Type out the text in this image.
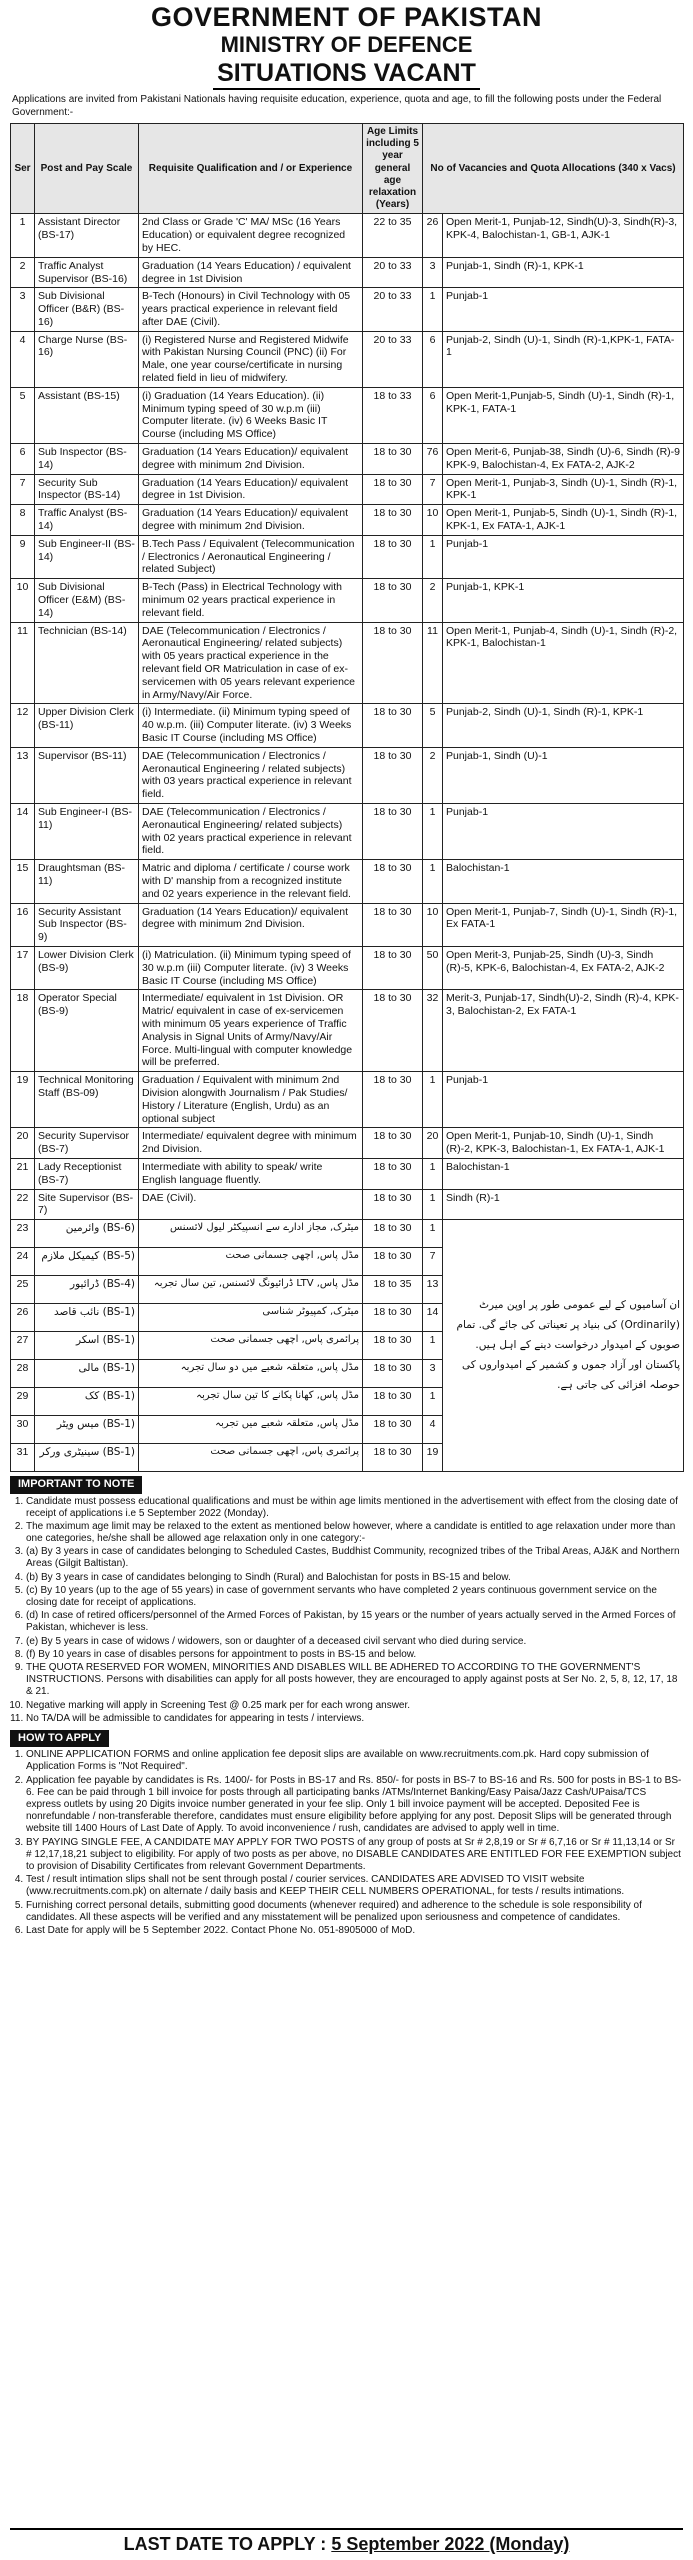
GOVERNMENT OF PAKISTAN
MINISTRY OF DEFENCE
SITUATIONS VACANT

Applications are invited from Pakistani Nationals having requisite education, experience, quota and age, to fill the following posts under the Federal Government:-

Ser	Post and Pay Scale	Requisite Qualification and / or Experience	Age Limits including 5 year general age relaxation (Years)	No of Vacancies and Quota Allocations (340 x Vacs)	
1	Assistant Director (BS-17)	2nd Class or Grade 'C' MA/ MSc (16 Years Education) or equivalent degree recognized by HEC.	22 to 35	26	Open Merit-1, Punjab-12, Sindh(U)-3, Sindh(R)-3, KPK-4, Balochistan-1, GB-1, AJK-1
2	Traffic Analyst Supervisor (BS-16)	Graduation (14 Years Education) / equivalent degree in 1st Division	20 to 33	3	Punjab-1, Sindh (R)-1, KPK-1
3	Sub Divisional Officer (B&R) (BS-16)	B-Tech (Honours) in Civil Technology with 05 years practical experience in relevant field after DAE (Civil).	20 to 33	1	Punjab-1
4	Charge Nurse (BS-16)	(i) Registered Nurse and Registered Midwife with Pakistan Nursing Council (PNC) (ii) For Male, one year course/certificate in nursing related field in lieu of midwifery.	20 to 33	6	Punjab-2, Sindh (U)-1, Sindh (R)-1,KPK-1, FATA-1
5	Assistant (BS-15)	(i) Graduation (14 Years Education). (ii) Minimum typing speed of 30 w.p.m (iii) Computer literate. (iv) 6 Weeks Basic IT Course (including MS Office)	18 to 33	6	Open Merit-1,Punjab-5, Sindh (U)-1, Sindh (R)-1, KPK-1, FATA-1
6	Sub Inspector (BS-14)	Graduation (14 Years Education)/ equivalent degree with minimum 2nd Division.	18 to 30	76	Open Merit-6, Punjab-38, Sindh (U)-6, Sindh (R)-9 KPK-9, Balochistan-4, Ex FATA-2, AJK-2
7	Security Sub Inspector (BS-14)	Graduation (14 Years Education)/ equivalent degree in 1st Division.	18 to 30	7	Open Merit-1, Punjab-3, Sindh (U)-1, Sindh (R)-1, KPK-1
8	Traffic Analyst (BS-14)	Graduation (14 Years Education)/ equivalent degree with minimum 2nd Division.	18 to 30	10	Open Merit-1, Punjab-5, Sindh (U)-1, Sindh (R)-1, KPK-1, Ex FATA-1, AJK-1
9	Sub Engineer-II (BS-14)	B.Tech Pass / Equivalent (Telecommunication / Electronics / Aeronautical Engineering / related Subject)	18 to 30	1	Punjab-1
10	Sub Divisional Officer (E&M) (BS-14)	B-Tech (Pass) in Electrical Technology with minimum 02 years practical experience in relevant field.	18 to 30	2	Punjab-1, KPK-1
11	Technician (BS-14)	DAE (Telecommunication / Electronics / Aeronautical Engineering/ related subjects) with 05 years practical experience in the relevant field OR Matriculation in case of ex-servicemen with 05 years relevant experience in Army/Navy/Air Force.	18 to 30	11	Open Merit-1, Punjab-4, Sindh (U)-1, Sindh (R)-2, KPK-1, Balochistan-1
12	Upper Division Clerk (BS-11)	(i) Intermediate. (ii) Minimum typing speed of 40 w.p.m. (iii) Computer literate. (iv) 3 Weeks Basic IT Course (including MS Office)	18 to 30	5	Punjab-2, Sindh (U)-1, Sindh (R)-1, KPK-1
13	Supervisor (BS-11)	DAE (Telecommunication / Electronics / Aeronautical Engineering / related subjects) with 03 years practical experience in relevant field.	18 to 30	2	Punjab-1, Sindh (U)-1
14	Sub Engineer-I (BS-11)	DAE (Telecommunication / Electronics / Aeronautical Engineering/ related subjects) with 02 years practical experience in relevant field.	18 to 30	1	Punjab-1
15	Draughtsman (BS-11)	Matric and diploma / certificate / course work with D' manship from a recognized institute and 02 years experience in the relevant field.	18 to 30	1	Balochistan-1
16	Security Assistant Sub Inspector (BS-9)	Graduation (14 Years Education)/ equivalent degree with minimum 2nd Division.	18 to 30	10	Open Merit-1, Punjab-7, Sindh (U)-1, Sindh (R)-1, Ex FATA-1
17	Lower Division Clerk (BS-9)	(i) Matriculation. (ii) Minimum typing speed of 30 w.p.m (iii) Computer literate. (iv) 3 Weeks Basic IT Course (including MS Office)	18 to 30	50	Open Merit-3, Punjab-25, Sindh (U)-3, Sindh (R)-5, KPK-6, Balochistan-4, Ex FATA-2, AJK-2
18	Operator Special (BS-9)	Intermediate/ equivalent in 1st Division. OR Matric/ equivalent in case of ex-servicemen with minimum 05 years experience of Traffic Analysis in Signal Units of Army/Navy/Air Force. Multi-lingual with computer knowledge will be preferred.	18 to 30	32	Merit-3, Punjab-17, Sindh(U)-2, Sindh (R)-4, KPK-3, Balochistan-2, Ex FATA-1
19	Technical Monitoring Staff (BS-09)	Graduation / Equivalent with minimum 2nd Division alongwith Journalism / Pak Studies/ History / Literature (English, Urdu) as an optional subject	18 to 30	1	Punjab-1
20	Security Supervisor (BS-7)	Intermediate/ equivalent degree with minimum 2nd Division.	18 to 30	20	Open Merit-1, Punjab-10, Sindh (U)-1, Sindh (R)-2, KPK-3, Balochistan-1, Ex FATA-1, AJK-1
21	Lady Receptionist (BS-7)	Intermediate with ability to speak/ write English language fluently.	18 to 30	1	Balochistan-1
22	Site Supervisor (BS-7)	DAE (Civil).	18 to 30	1	Sindh (R)-1
23	(BS-6) وائرمین	میٹرک, مجاز ادارے سے انسپیکٹر لیول لائسنس	18 to 30	1	ان آسامیوں کے لیے عمومی طور پر اوپن میرٹ (Ordinarily) کی بنیاد پر تعیناتی کی جائے گی. تمام صوبوں کے امیدوار درخواست دینے کے اہل ہیں. پاکستان اور آزاد جموں و کشمیر کے امیدواروں کی حوصلہ افزائی کی جاتی ہے.
24	(BS-5) کیمیکل ملازم	مڈل پاس, اچھی جسمانی صحت	18 to 30	7	
25	(BS-4) ڈرائیور	مڈل پاس, LTV ڈرائیونگ لائسنس, تین سال تجربہ	18 to 35	13	
26	(BS-1) نائب قاصد	میٹرک, کمپیوٹر شناسی	18 to 30	14	
27	(BS-1) اسکر	پرائمری پاس, اچھی جسمانی صحت	18 to 30	1	
28	(BS-1) مالی	مڈل پاس, متعلقہ شعبے میں دو سال تجربہ	18 to 30	3	
29	(BS-1) کک	مڈل پاس, کھانا پکانے کا تین سال تجربہ	18 to 30	1	
30	(BS-1) میس ویٹر	مڈل پاس, متعلقہ شعبے میں تجربہ	18 to 30	4	
31	(BS-1) سینیٹری ورکر	پرائمری پاس, اچھی جسمانی صحت	18 to 30	19	
IMPORTANT TO NOTE
1. Candidate must possess educational qualifications and must be within age limits mentioned in the advertisement with effect from the closing date of receipt of applications i.e 5 September 2022 (Monday).
2. The maximum age limit may be relaxed to the extent as mentioned below however, where a candidate is entitled to age relaxation under more than one categories, he/she shall be allowed age relaxation only in one category:-
3. (a) By 3 years in case of candidates belonging to Scheduled Castes, Buddhist Community, recognized tribes of the Tribal Areas, AJ&K and Northern Areas (Gilgit Baltistan).
4. (b) By 3 years in case of candidates belonging to Sindh (Rural) and Balochistan for posts in BS-15 and below.
5. (c) By 10 years (up to the age of 55 years) in case of government servants who have completed 2 years continuous government service on the closing date for receipt of applications.
6. (d) In case of retired officers/personnel of the Armed Forces of Pakistan, by 15 years or the number of years actually served in the Armed Forces of Pakistan, whichever is less.
7. (e) By 5 years in case of widows / widowers, son or daughter of a deceased civil servant who died during service.
8. (f) By 10 years in case of disables persons for appointment to posts in BS-15 and below.
9. THE QUOTA RESERVED FOR WOMEN, MINORITIES AND DISABLES WILL BE ADHERED TO ACCORDING TO THE GOVERNMENT'S INSTRUCTIONS. Persons with disabilities can apply for all posts however, they are encouraged to apply against posts at Ser No. 2, 5, 8, 12, 17, 18 & 21.
10. Negative marking will apply in Screening Test @ 0.25 mark per for each wrong answer.
11. No TA/DA will be admissible to candidates for appearing in tests / interviews.
HOW TO APPLY
1. ONLINE APPLICATION FORMS and online application fee deposit slips are available on www.recruitments.com.pk. Hard copy submission of Application Forms is "Not Required".
2. Application fee payable by candidates is Rs. 1400/- for Posts in BS-17 and Rs. 850/- for posts in BS-7 to BS-16 and Rs. 500 for posts in BS-1 to BS-6. Fee can be paid through 1 bill invoice for posts through all participating banks /ATMs/Internet Banking/Easy Paisa/Jazz Cash/UPaisa/TCS express outlets by using 20 Digits invoice number generated in your fee slip. Only 1 bill invoice payment will be accepted. Deposited Fee is nonrefundable / non-transferable therefore, candidates must ensure eligibility before applying for any post. Deposit Slips will be generated through website till 1400 Hours of Last Date of Apply. To avoid inconvenience / rush, candidates are advised to apply well in time.
3. BY PAYING SINGLE FEE, A CANDIDATE MAY APPLY FOR TWO POSTS of any group of posts at Sr # 2,8,19 or Sr # 6,7,16 or Sr # 11,13,14 or Sr # 12,17,18,21 subject to eligibility. For apply of two posts as per above, no DISABLE CANDIDATES ARE ENTITLED FOR FEE EXEMPTION subject to provision of Disability Certificates from relevant Government Departments.
4. Test / result intimation slips shall not be sent through postal / courier services. CANDIDATES ARE ADVISED TO VISIT website (www.recruitments.com.pk) on alternate / daily basis and KEEP THEIR CELL NUMBERS OPERATIONAL, for tests / results intimations.
5. Furnishing correct personal details, submitting good documents (whenever required) and adherence to the schedule is sole responsibility of candidates. All these aspects will be verified and any misstatement will be penalized upon seriousness and competence of candidates.
6. Last Date for apply will be 5 September 2022. Contact Phone No. 051-8905000 of MoD.
LAST DATE TO APPLY : 5 September 2022 (Monday)
